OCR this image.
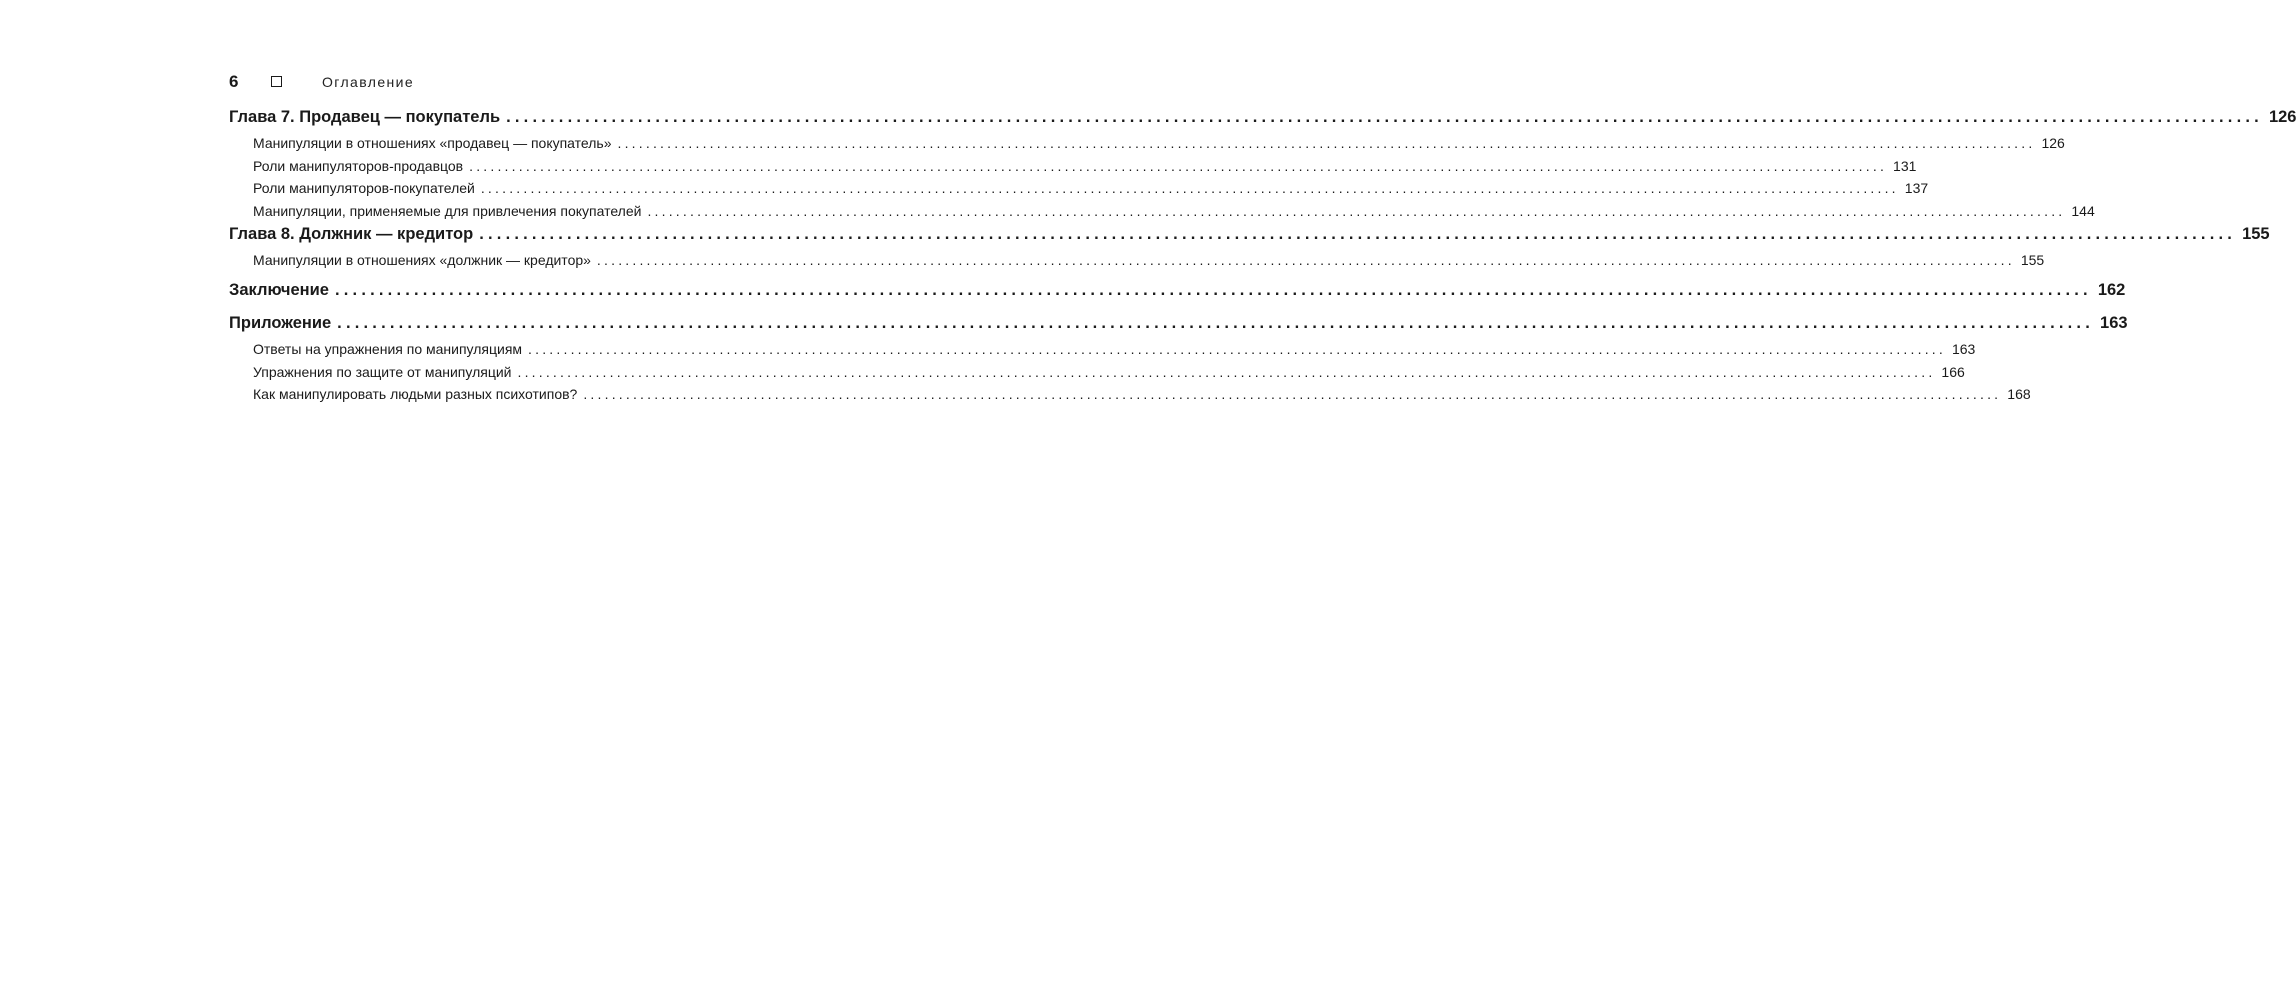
6	Оглавление
Глава 7. Продавец — покупатель ........................................................................................................................................................................................................ 126
Манипуляции в отношениях «продавец — покупатель» ........................................................................................................................................................................................................ 126
Роли манипуляторов-продавцов ........................................................................................................................................................................................................ 131
Роли манипуляторов-покупателей ........................................................................................................................................................................................................ 137
Манипуляции, применяемые для привлечения покупателей ........................................................................................................................................................................................................ 144
Глава 8. Должник — кредитор ........................................................................................................................................................................................................ 155
Манипуляции в отношениях «должник — кредитор» ........................................................................................................................................................................................................ 155
Заключение ........................................................................................................................................................................................................ 162
Приложение ........................................................................................................................................................................................................ 163
Ответы на упражнения по манипуляциям ........................................................................................................................................................................................................ 163
Упражнения по защите от манипуляций ........................................................................................................................................................................................................ 166
Как манипулировать людьми разных психотипов? ........................................................................................................................................................................................................ 168
